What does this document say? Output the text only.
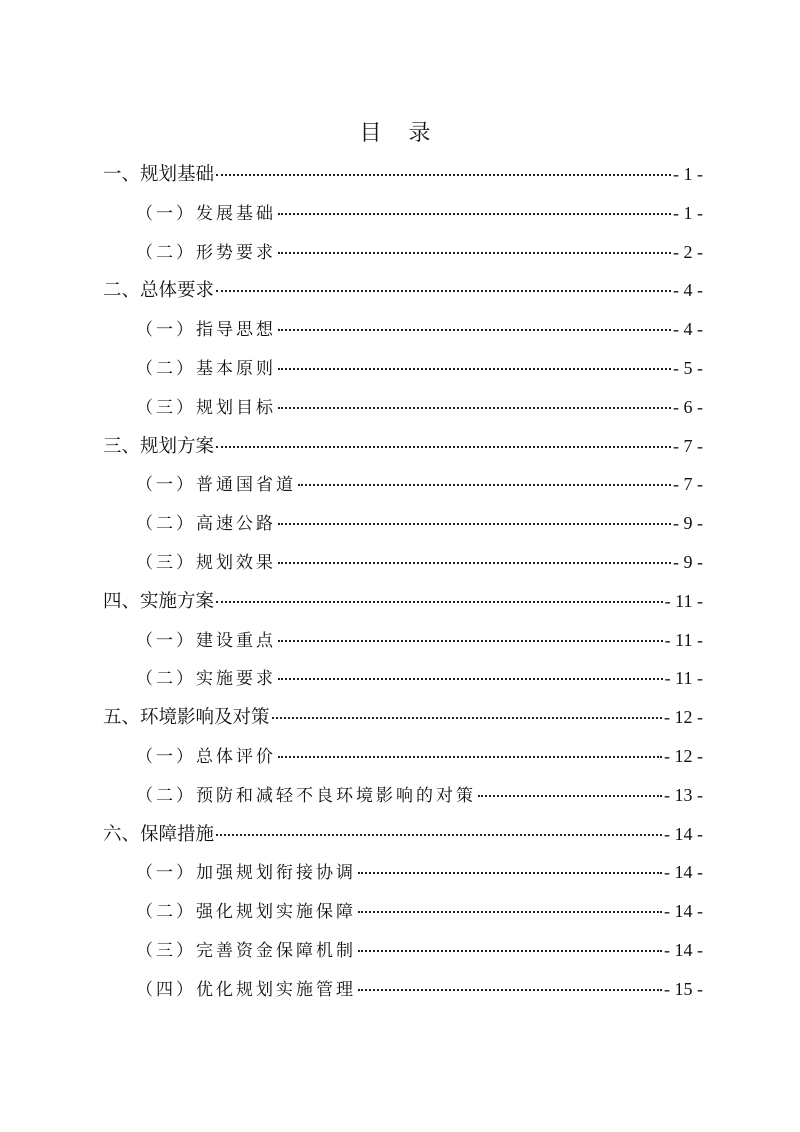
目 录
一、规划基础	- 1 -
（一）发展基础	- 1 -
（二）形势要求	- 2 -
二、总体要求	- 4 -
（一）指导思想	- 4 -
（二）基本原则	- 5 -
（三）规划目标	- 6 -
三、规划方案	- 7 -
（一）普通国省道	- 7 -
（二）高速公路	- 9 -
（三）规划效果	- 9 -
四、实施方案	- 11 -
（一）建设重点	- 11 -
（二）实施要求	- 11 -
五、环境影响及对策	- 12 -
（一）总体评价	- 12 -
（二）预防和减轻不良环境影响的对策	- 13 -
六、保障措施	- 14 -
（一）加强规划衔接协调	- 14 -
（二）强化规划实施保障	- 14 -
（三）完善资金保障机制	- 14 -
（四）优化规划实施管理	- 15 -
